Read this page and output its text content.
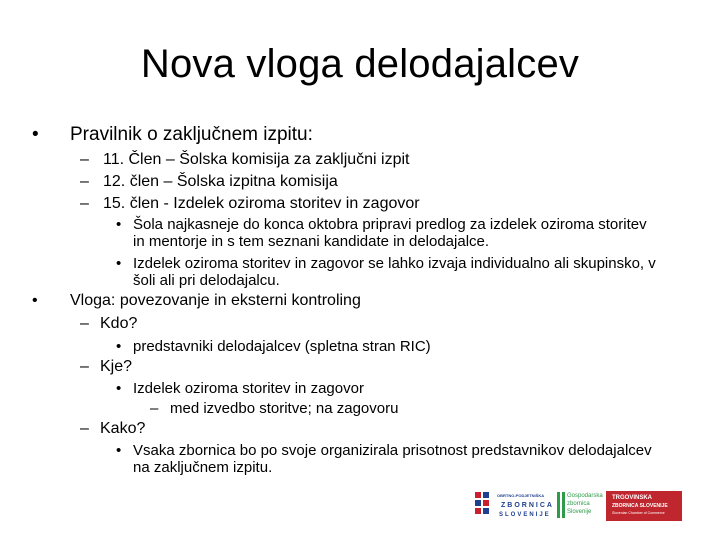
Nova vloga delodajalcev
• Pravilnik o zaključnem izpitu:
– 11. Člen – Šolska komisija za zaključni izpit
– 12. člen – Šolska izpitna komisija
– 15. člen - Izdelek oziroma storitev in zagovor
• Šola najkasneje do konca oktobra pripravi predlog za izdelek oziroma storitev
in mentorje in s tem seznani kandidate in delodajalce.
• Izdelek oziroma storitev in zagovor se lahko izvaja individualno ali skupinsko, v
šoli ali pri delodajalcu.
• Vloga: povezovanje in eksterni kontroling
– Kdo?
• predstavniki delodajalcev (spletna stran RIC)
– Kje?
• Izdelek oziroma storitev in zagovor
– med izvedbo storitve; na zagovoru
– Kako?
• Vsaka zbornica bo po svoje organizirala prisotnost predstavnikov delodajalcev
na zaključnem izpitu.
OBRTNO-PODJETNIŠKA
ZBORNICA
SLOVENIJE
Gospodarska
zbornica
Slovenije
TRGOVINSKA
ZBORNICA SLOVENIJE
Slovenian Chamber of Commerce
